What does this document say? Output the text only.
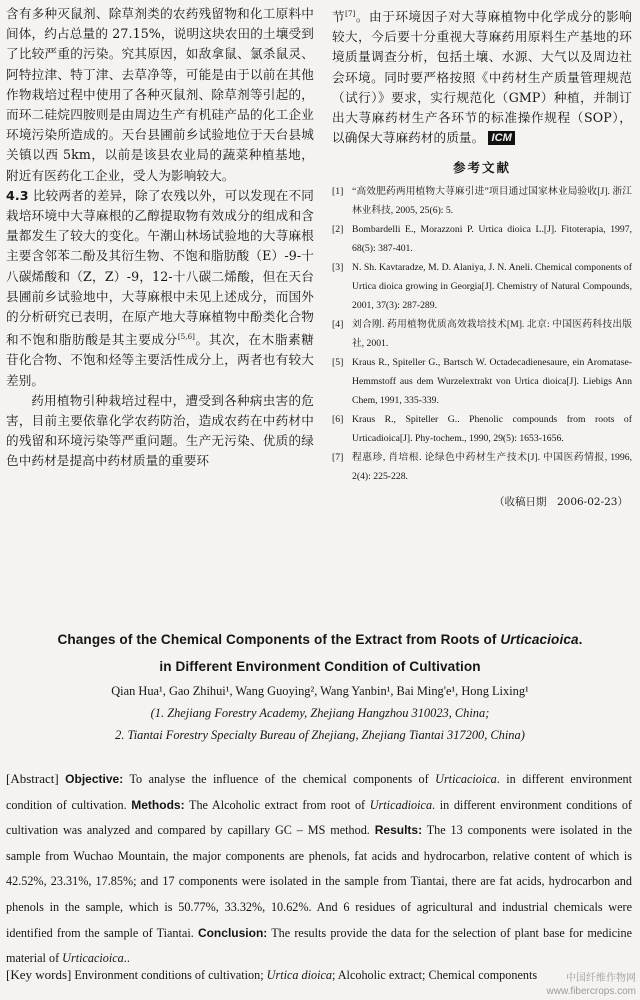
含有多种灭鼠剂、除草剂类的农药残留物和化工原料中间体，约占总量的 27.15%，说明这块农田的土壤受到了比较严重的污染。究其原因，如敌拿鼠、氯杀鼠灵、阿特拉津、特丁津、去草净等，可能是由于以前在其他作物栽培过程中使用了各种灭鼠剂、除草剂等引起的，而环二硅烷四胺则是由周边生产有机硅产品的化工企业环境污染所造成的。天台县圃前乡试验地位于天台县城关镇以西 5km，以前是该县农业局的蔬菜种植基地，附近有医药化工企业，受人为影响较大。

4.3 比较两者的差异，除了农残以外，可以发现在不同栽培环境中大荨麻根的乙醇提取物有效成分的组成和含量都发生了较大的变化。午潮山林场试验地的大荨麻根主要含邻苯二酚及其衍生物、不饱和脂肪酸（E）-9-十八碳烯酸和（Z，Z）-9，12-十八碳二烯酸，但在天台县圃前乡试验地中，大荨麻根中未见上述成分，而国外的分析研究已表明，在原产地大荨麻植物中酚类化合物和不饱和脂肪酸是其主要成分[5,6]。其次，在木脂素糖苷化合物、不饱和烃等主要活性成分上，两者也有较大差别。

药用植物引种栽培过程中，遭受到各种病虫害的危害，目前主要依靠化学农药防治，造成农药在中药材中的残留和环境污染等严重问题。生产无污染、优质的绿色中药材是提高中药材质量的重要环

节[7]。由于环境因子对大荨麻植物中化学成分的影响较大，今后要十分重视大荨麻药用原料生产基地的环境质量调查分析，包括土壤、水源、大气以及周边社会环境。同时要严格按照《中药材生产质量管理规范（试行）》要求，实行规范化（GMP）种植，并制订出大荨麻药材生产各环节的标准操作规程（SOP），以确保大荨麻药材的质量。 ICM

参考文献
[1] “高效肥药两用植物大荨麻引进”项目通过国家林业局验收[J]. 浙江林业科技, 2005, 25(6): 5.
[2] Bombardelli E., Morazzoni P. Urtica dioica L.[J]. Fitoterapia, 1997, 68(5): 387-401.
[3] N. Sh. Kavtaradze, M. D. Alaniya, J. N. Aneli. Chemical components of Urtica dioica growing in Georgia[J]. Chemistry of Natural Compounds, 2001, 37(3): 287-289.
[4] 刘合刚. 药用植物优质高效栽培技术[M]. 北京: 中国医药科技出版社, 2001.
[5] Kraus R., Spiteller G., Bartsch W. Octadecadienesaure, ein Aromatase-Hemmstoff aus dem Wurzelextrakt von Urtica dioica[J]. Liebigs Ann Chem, 1991, 335-339.
[6] Kraus R., Spiteller G.. Phenolic compounds from roots of Urticadioica[J]. Phy-tochem., 1990, 29(5): 1653-1656.
[7] 程惠珍, 肖培根. 论绿色中药材生产技术[J]. 中国医药情报, 1996, 2(4): 225-228.
（收稿日期　2006-02-23）
Changes of the Chemical Components of the Extract from Roots of Urticacioica.
in Different Environment Condition of Cultivation
Qian Hua¹, Gao Zhihui¹, Wang Guoying², Wang Yanbin¹, Bai Ming'e¹, Hong Lixing¹
(1. Zhejiang Forestry Academy, Zhejiang Hangzhou 310023, China;
2. Tiantai Forestry Specialty Bureau of Zhejiang, Zhejiang Tiantai 317200, China)
[Abstract] Objective: To analyse the influence of the chemical components of Urticacioica. in different environment condition of cultivation. Methods: The Alcoholic extract from root of Urticadioica. in different environment conditions of cultivation was analyzed and compared by capillary GC – MS method. Results: The 13 components were isolated in the sample from Wuchao Mountain, the major components are phenols, fat acids and hydrocarbon, relative content of which is 42.52%, 23.31%, 17.85%; and 17 components were isolated in the sample from Tiantai, there are fat acids, hydrocarbon and phenols in the sample, which is 50.77%, 33.32%, 10.62%. And 6 residues of agricultural and industrial chemicals were identified from the sample of Tiantai. Conclusion: The results provide the data for the selection of plant base for medicine material of Urticacioica..
[Key words] Environment conditions of cultivation; Urtica dioica; Alcoholic extract; Chemical components	中国纤维作物网
www.fibercrops.com
